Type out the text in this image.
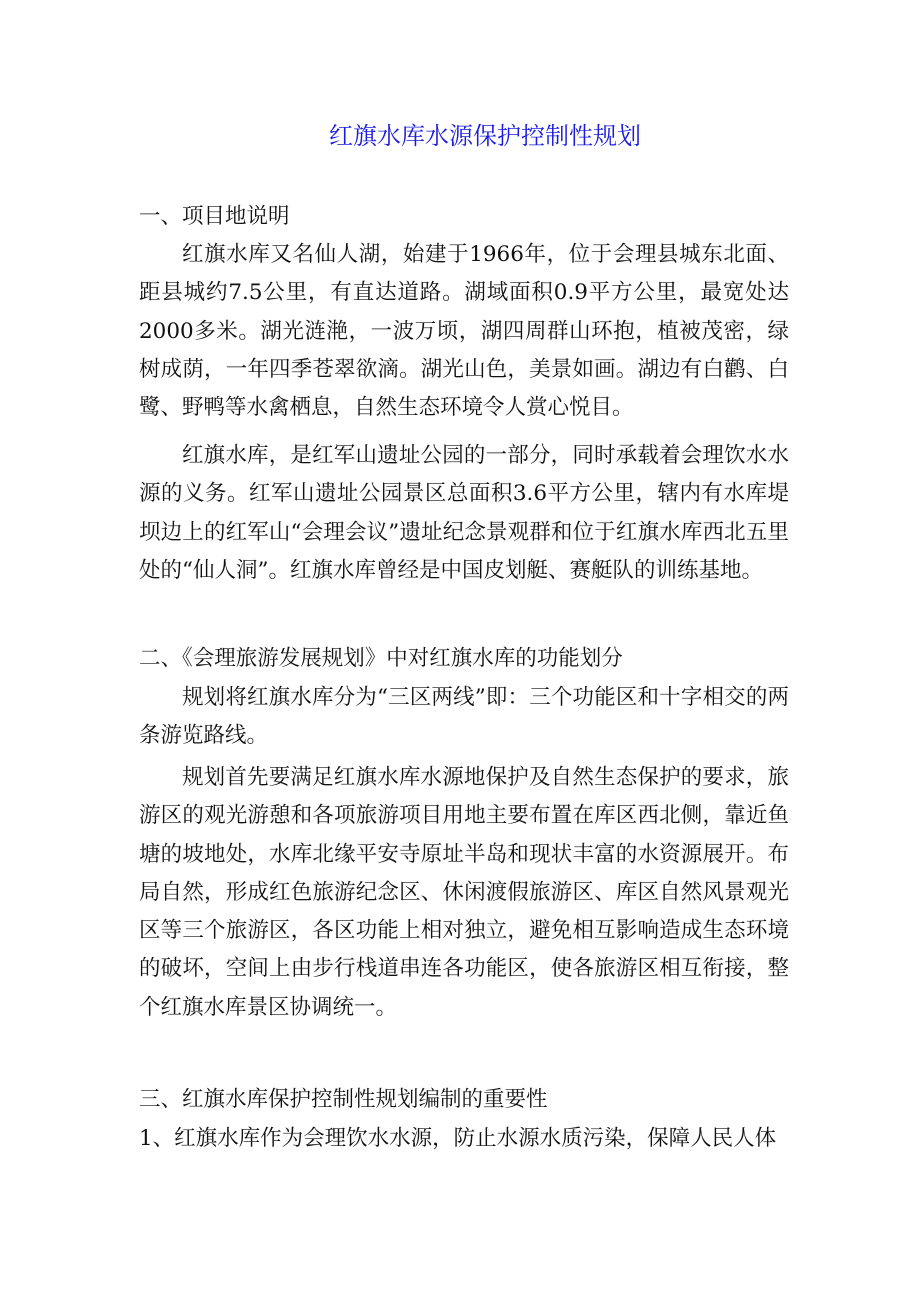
红旗水库水源保护控制性规划
一、项目地说明

红旗水库又名仙人湖，始建于1966年，位于会理县城东北面、距县城约7.5公里，有直达道路。湖域面积0.9平方公里，最宽处达2000多米。湖光涟滟，一波万顷，湖四周群山环抱，植被茂密，绿树成荫，一年四季苍翠欲滴。湖光山色，美景如画。湖边有白鹳、白鹭、野鸭等水禽栖息，自然生态环境令人赏心悦目。

红旗水库，是红军山遗址公园的一部分，同时承载着会理饮水水源的义务。红军山遗址公园景区总面积3.6平方公里，辖内有水库堤坝边上的红军山“会理会议”遗址纪念景观群和位于红旗水库西北五里处的“仙人洞”。红旗水库曾经是中国皮划艇、赛艇队的训练基地。

二、《会理旅游发展规划》中对红旗水库的功能划分

规划将红旗水库分为“三区两线”即：三个功能区和十字相交的两条游览路线。

规划首先要满足红旗水库水源地保护及自然生态保护的要求，旅游区的观光游憩和各项旅游项目用地主要布置在库区西北侧，靠近鱼塘的坡地处，水库北缘平安寺原址半岛和现状丰富的水资源展开。布局自然，形成红色旅游纪念区、休闲渡假旅游区、库区自然风景观光区等三个旅游区，各区功能上相对独立，避免相互影响造成生态环境的破坏，空间上由步行栈道串连各功能区，使各旅游区相互衔接，整个红旗水库景区协调统一。

三、红旗水库保护控制性规划编制的重要性

1、红旗水库作为会理饮水水源，防止水源水质污染，保障人民人体
